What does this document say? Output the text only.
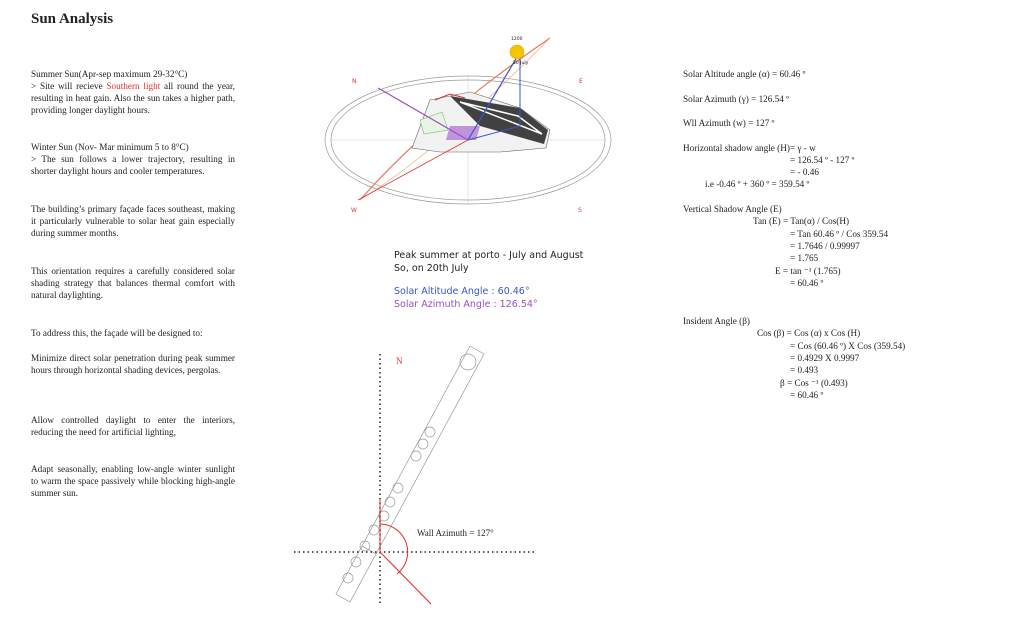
Sun Analysis
Summer Sun(Apr-sep maximum 29-32°C)
> Site will recieve Southern light all round the year, resulting in heat gain. Also the sun takes a higher path, providing longer daylight hours.
Winter Sun (Nov- Mar minimum 5 to 8°C)
> The sun follows a lower trajectory, resulting in shorter daylight hours and cooler temperatures.
The building’s primary façade faces southeast, making it particularly vulnerable to solar heat gain especially during summer months.
This orientation requires a carefully considered solar shading strategy that balances thermal comfort with natural daylighting.
To address this, the façade will be designed to:
Minimize direct solar penetration during peak summer hours through horizontal shading devices, pergolas.
Allow controlled daylight to enter the interiors, reducing the need for artificial lighting,
Adapt seasonally, enabling low-angle winter sunlight to warm the space passively while blocking high-angle summer sun.
1200
20 July
N	E
W	S
Peak summer at porto - July and August
So, on 20th July
Solar Altitude Angle : 60.46°
Solar Azimuth Angle : 126.54°
N
Wall Azimuth = 127°
Solar Altitude angle (α) = 60.46 º
Solar Azimuth (γ) = 126.54 º
Wll Azimuth (w) = 127 º
Horizontal shadow angle (H)= γ - w
= 126.54 º - 127 º
= - 0.46
i.e -0.46 º + 360 º = 359.54 º
Vertical Shadow Angle (E)
Tan (E) = Tan(α) / Cos(H)
= Tan 60.46 º / Cos 359.54
= 1.7646 / 0.99997
= 1.765
E = tan ⁻¹ (1.765)
= 60.46 º
Insident Angle (β)
Cos (β) = Cos (α) x Cos (H)
= Cos (60.46 º) X Cos (359.54)
= 0.4929 X 0.9997
= 0.493
β = Cos ⁻¹ (0.493)
= 60.46 º
